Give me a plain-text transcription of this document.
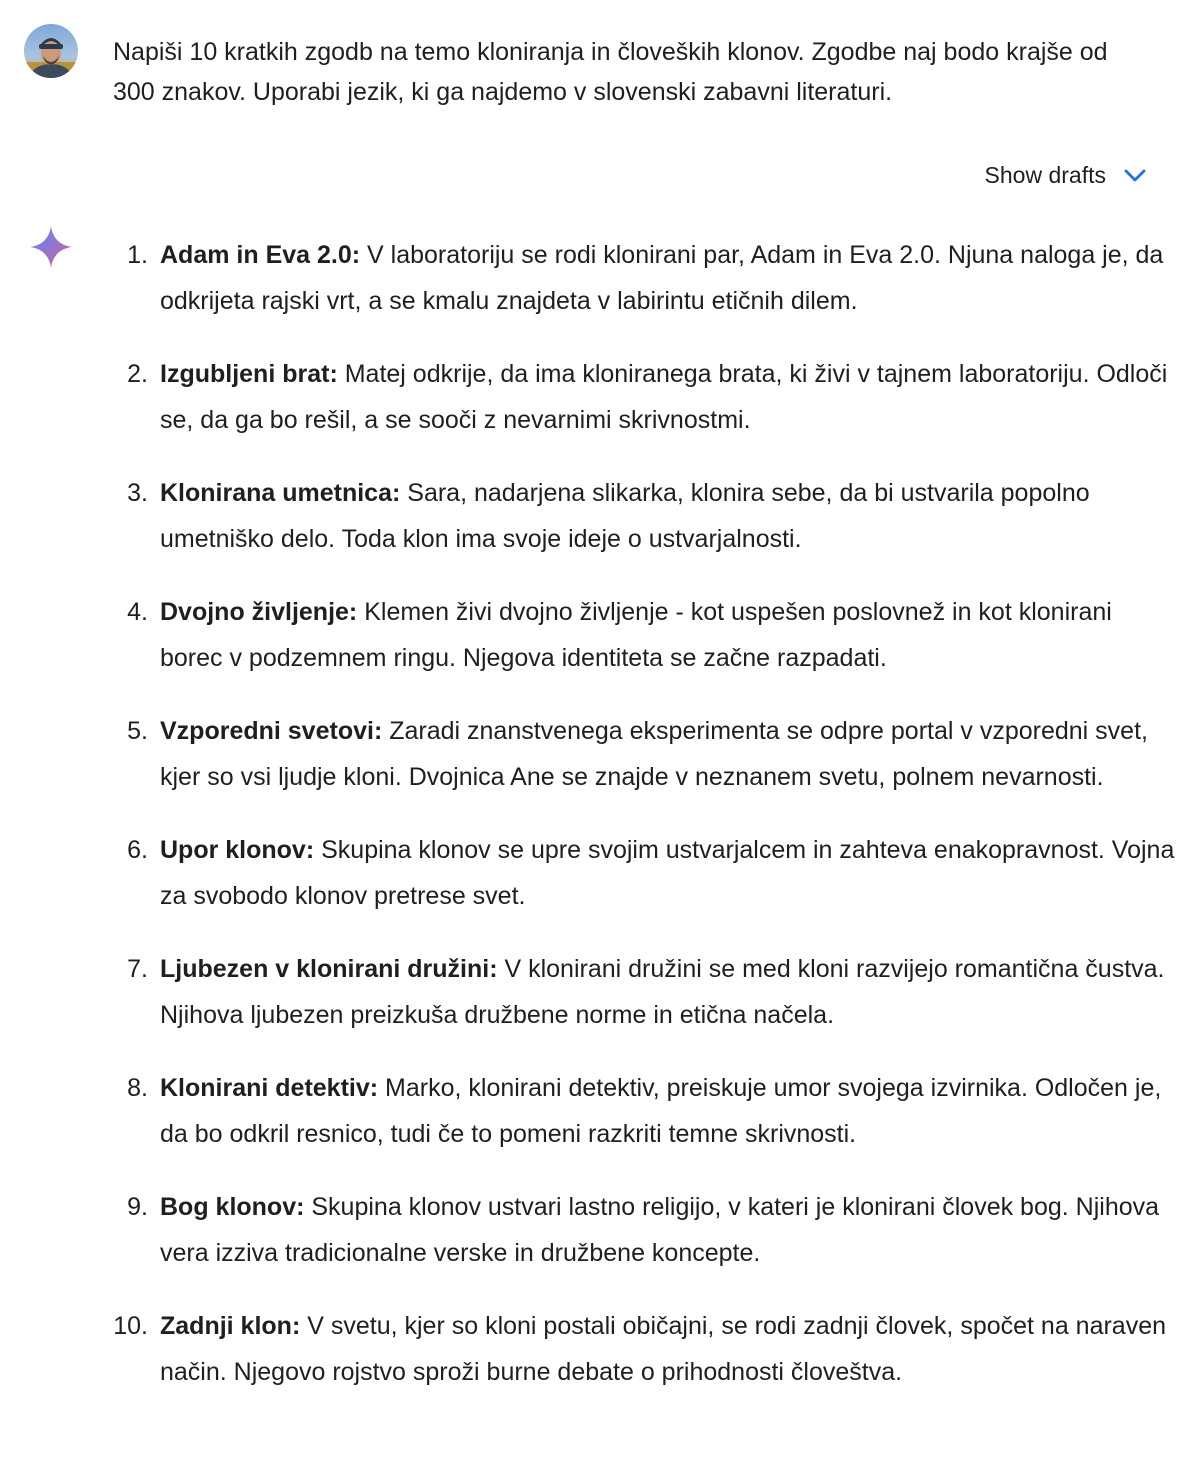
Napiši 10 kratkih zgodb na temo kloniranja in človeških klonov. Zgodbe naj bodo krajše od 300 znakov. Uporabi jezik, ki ga najdemo v slovenski zabavni literaturi.
Show drafts
1. Adam in Eva 2.0: V laboratoriju se rodi klonirani par, Adam in Eva 2.0. Njuna naloga je, da odkrijeta rajski vrt, a se kmalu znajdeta v labirintu etičnih dilem.
2. Izgubljeni brat: Matej odkrije, da ima kloniranega brata, ki živi v tajnem laboratoriju. Odloči se, da ga bo rešil, a se sooči z nevarnimi skrivnostmi.
3. Klonirana umetnica: Sara, nadarjena slikarka, klonira sebe, da bi ustvarila popolno umetniško delo. Toda klon ima svoje ideje o ustvarjalnosti.
4. Dvojno življenje: Klemen živi dvojno življenje - kot uspešen poslovnež in kot klonirani borec v podzemnem ringu. Njegova identiteta se začne razpadati.
5. Vzporedni svetovi: Zaradi znanstvenega eksperimenta se odpre portal v vzporedni svet, kjer so vsi ljudje kloni. Dvojnica Ane se znajde v neznanem svetu, polnem nevarnosti.
6. Upor klonov: Skupina klonov se upre svojim ustvarjalcem in zahteva enakopravnost. Vojna za svobodo klonov pretrese svet.
7. Ljubezen v klonirani družini: V klonirani družini se med kloni razvijejo romantična čustva. Njihova ljubezen preizkuša družbene norme in etična načela.
8. Klonirani detektiv: Marko, klonirani detektiv, preiskuje umor svojega izvirnika. Odločen je, da bo odkril resnico, tudi če to pomeni razkriti temne skrivnosti.
9. Bog klonov: Skupina klonov ustvari lastno religijo, v kateri je klonirani človek bog. Njihova vera izziva tradicionalne verske in družbene koncepte.
10. Zadnji klon: V svetu, kjer so kloni postali običajni, se rodi zadnji človek, spočet na naraven način. Njegovo rojstvo sproži burne debate o prihodnosti človeštva.
